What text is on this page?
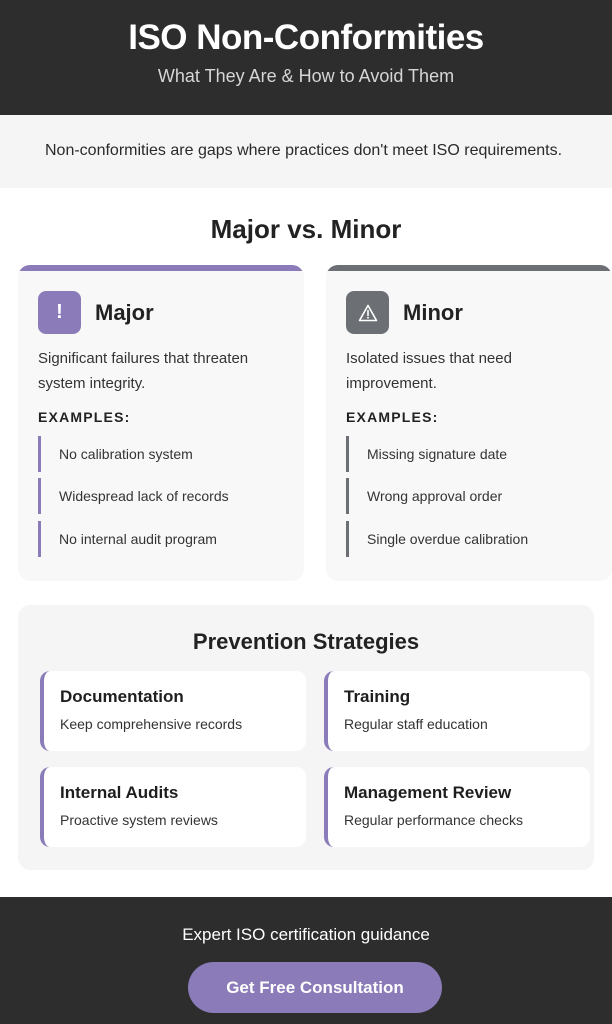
ISO Non-Conformities
What They Are & How to Avoid Them

Non-conformities are gaps where practices don't meet ISO requirements.

Major vs. Minor
!	Major
Significant failures that threaten system integrity.
EXAMPLES:
No calibration system
Widespread lack of records
No internal audit program
Minor
Isolated issues that need improvement.
EXAMPLES:
Missing signature date
Wrong approval order
Single overdue calibration
Prevention Strategies
Documentation
Keep comprehensive records
Training
Regular staff education
Internal Audits
Proactive system reviews
Management Review
Regular performance checks
Expert ISO certification guidance
Get Free Consultation
